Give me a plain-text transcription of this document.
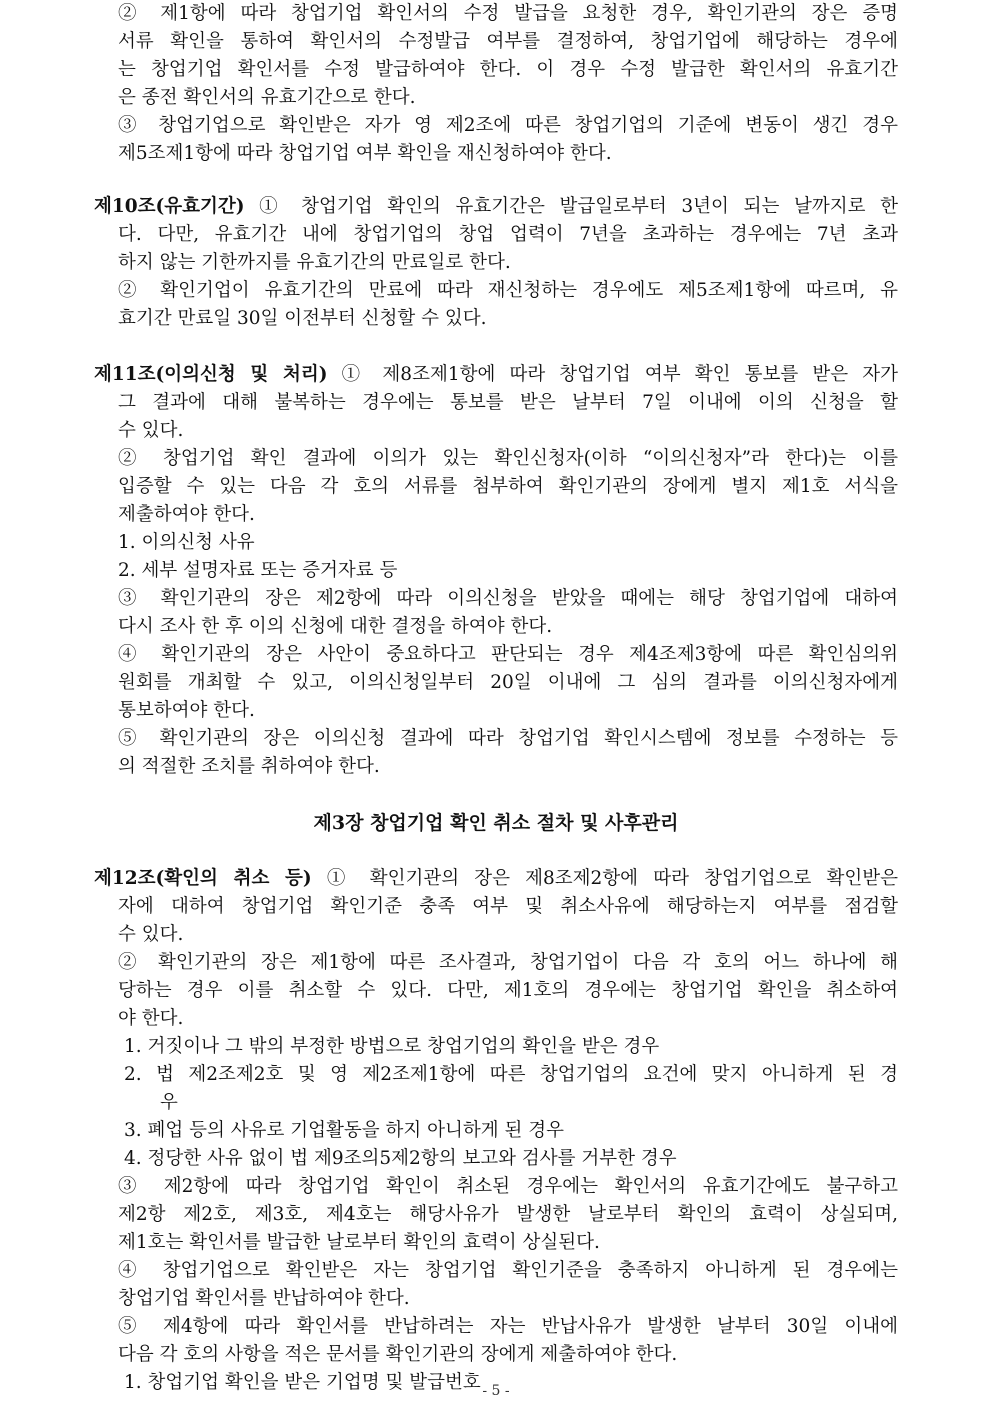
② 제1항에 따라 창업기업 확인서의 수정 발급을 요청한 경우, 확인기관의 장은 증명
서류 확인을 통하여 확인서의 수정발급 여부를 결정하여, 창업기업에 해당하는 경우에
는 창업기업 확인서를 수정 발급하여야 한다. 이 경우 수정 발급한 확인서의 유효기간
은 종전 확인서의 유효기간으로 한다.
③ 창업기업으로 확인받은 자가 영 제2조에 따른 창업기업의 기준에 변동이 생긴 경우
제5조제1항에 따라 창업기업 여부 확인을 재신청하여야 한다.
제10조(유효기간) ① 창업기업 확인의 유효기간은 발급일로부터 3년이 되는 날까지로 한
다. 다만, 유효기간 내에 창업기업의 창업 업력이 7년을 초과하는 경우에는 7년 초과
하지 않는 기한까지를 유효기간의 만료일로 한다.
② 확인기업이 유효기간의 만료에 따라 재신청하는 경우에도 제5조제1항에 따르며, 유
효기간 만료일 30일 이전부터 신청할 수 있다.
제11조(이의신청 및 처리) ① 제8조제1항에 따라 창업기업 여부 확인 통보를 받은 자가
그 결과에 대해 불복하는 경우에는 통보를 받은 날부터 7일 이내에 이의 신청을 할
수 있다.
② 창업기업 확인 결과에 이의가 있는 확인신청자(이하 “이의신청자”라 한다)는 이를
입증할 수 있는 다음 각 호의 서류를 첨부하여 확인기관의 장에게 별지 제1호 서식을
제출하여야 한다.
1. 이의신청 사유
2. 세부 설명자료 또는 증거자료 등
③ 확인기관의 장은 제2항에 따라 이의신청을 받았을 때에는 해당 창업기업에 대하여
다시 조사 한 후 이의 신청에 대한 결정을 하여야 한다.
④ 확인기관의 장은 사안이 중요하다고 판단되는 경우 제4조제3항에 따른 확인심의위
원회를 개최할 수 있고, 이의신청일부터 20일 이내에 그 심의 결과를 이의신청자에게
통보하여야 한다.
⑤ 확인기관의 장은 이의신청 결과에 따라 창업기업 확인시스템에 정보를 수정하는 등
의 적절한 조치를 취하여야 한다.
제3장 창업기업 확인 취소 절차 및 사후관리
제12조(확인의 취소 등) ① 확인기관의 장은 제8조제2항에 따라 창업기업으로 확인받은
자에 대하여 창업기업 확인기준 충족 여부 및 취소사유에 해당하는지 여부를 점검할
수 있다.
② 확인기관의 장은 제1항에 따른 조사결과, 창업기업이 다음 각 호의 어느 하나에 해
당하는 경우 이를 취소할 수 있다. 다만, 제1호의 경우에는 창업기업 확인을 취소하여
야 한다.
1. 거짓이나 그 밖의 부정한 방법으로 창업기업의 확인을 받은 경우
2. 법 제2조제2호 및 영 제2조제1항에 따른 창업기업의 요건에 맞지 아니하게 된 경
우
3. 폐업 등의 사유로 기업활동을 하지 아니하게 된 경우
4. 정당한 사유 없이 법 제9조의5제2항의 보고와 검사를 거부한 경우
③ 제2항에 따라 창업기업 확인이 취소된 경우에는 확인서의 유효기간에도 불구하고
제2항 제2호, 제3호, 제4호는 해당사유가 발생한 날로부터 확인의 효력이 상실되며,
제1호는 확인서를 발급한 날로부터 확인의 효력이 상실된다.
④ 창업기업으로 확인받은 자는 창업기업 확인기준을 충족하지 아니하게 된 경우에는
창업기업 확인서를 반납하여야 한다.
⑤ 제4항에 따라 확인서를 반납하려는 자는 반납사유가 발생한 날부터 30일 이내에
다음 각 호의 사항을 적은 문서를 확인기관의 장에게 제출하여야 한다.
1. 창업기업 확인을 받은 기업명 및 발급번호 - 5 -
